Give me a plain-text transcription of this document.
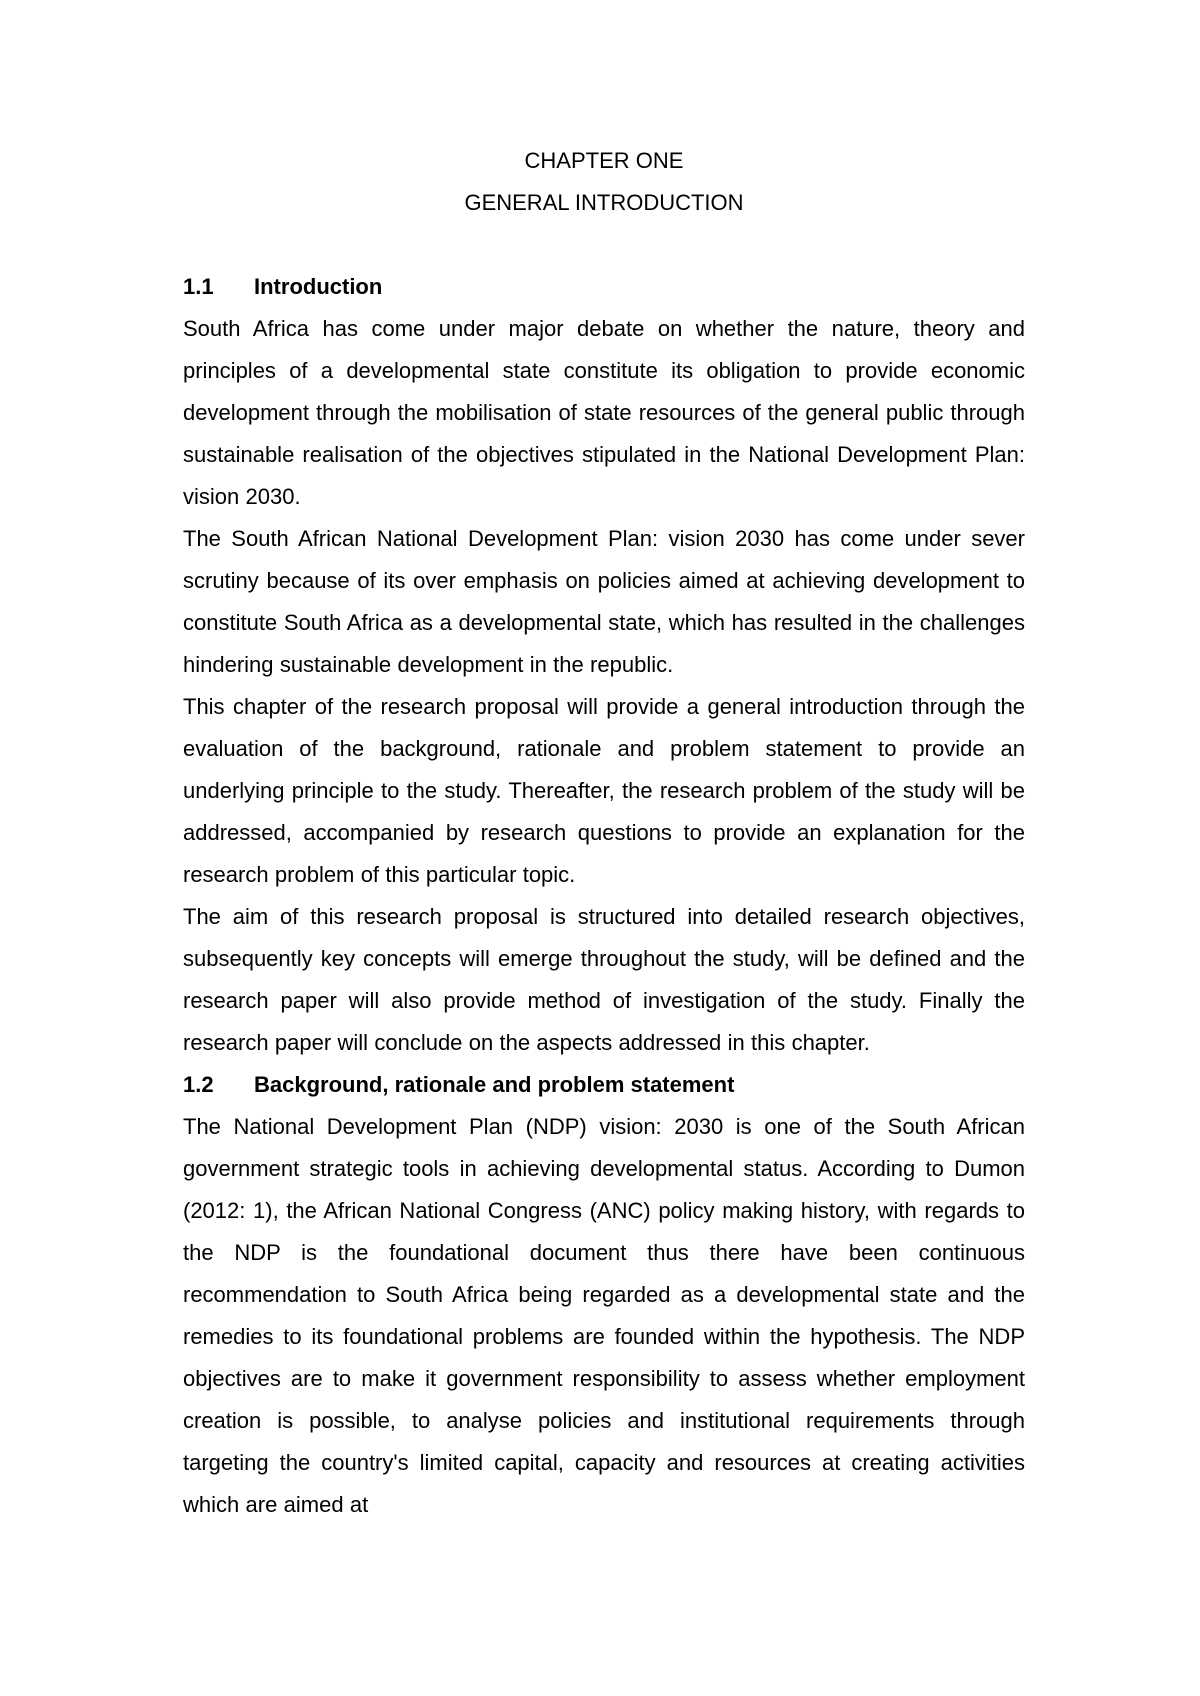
CHAPTER ONE

GENERAL INTRODUCTION

1.1	Introduction

South Africa has come under major debate on whether the nature, theory and principles of a developmental state constitute its obligation to provide economic development through the mobilisation of state resources of the general public through sustainable realisation of the objectives stipulated in the National Development Plan: vision 2030.

The South African National Development Plan: vision 2030 has come under sever scrutiny because of its over emphasis on policies aimed at achieving development to constitute South Africa as a developmental state, which has resulted in the challenges hindering sustainable development in the republic.

This chapter of the research proposal will provide a general introduction through the evaluation of the background, rationale and problem statement to provide an underlying principle to the study. Thereafter, the research problem of the study will be addressed, accompanied by research questions to provide an explanation for the research problem of this particular topic.

The aim of this research proposal is structured into detailed research objectives, subsequently key concepts will emerge throughout the study, will be defined and the research paper will also provide method of investigation of the study. Finally the research paper will conclude on the aspects addressed in this chapter.

1.2	Background, rationale and problem statement

The National Development Plan (NDP) vision: 2030 is one of the South African government strategic tools in achieving developmental status. According to Dumon (2012: 1), the African National Congress (ANC) policy making history, with regards to the NDP is the foundational document thus there have been continuous recommendation to South Africa being regarded as a developmental state and the remedies to its foundational problems are founded within the hypothesis. The NDP objectives are to make it government responsibility to assess whether employment creation is possible, to analyse policies and institutional requirements through targeting the country's limited capital, capacity and resources at creating activities which are aimed at
